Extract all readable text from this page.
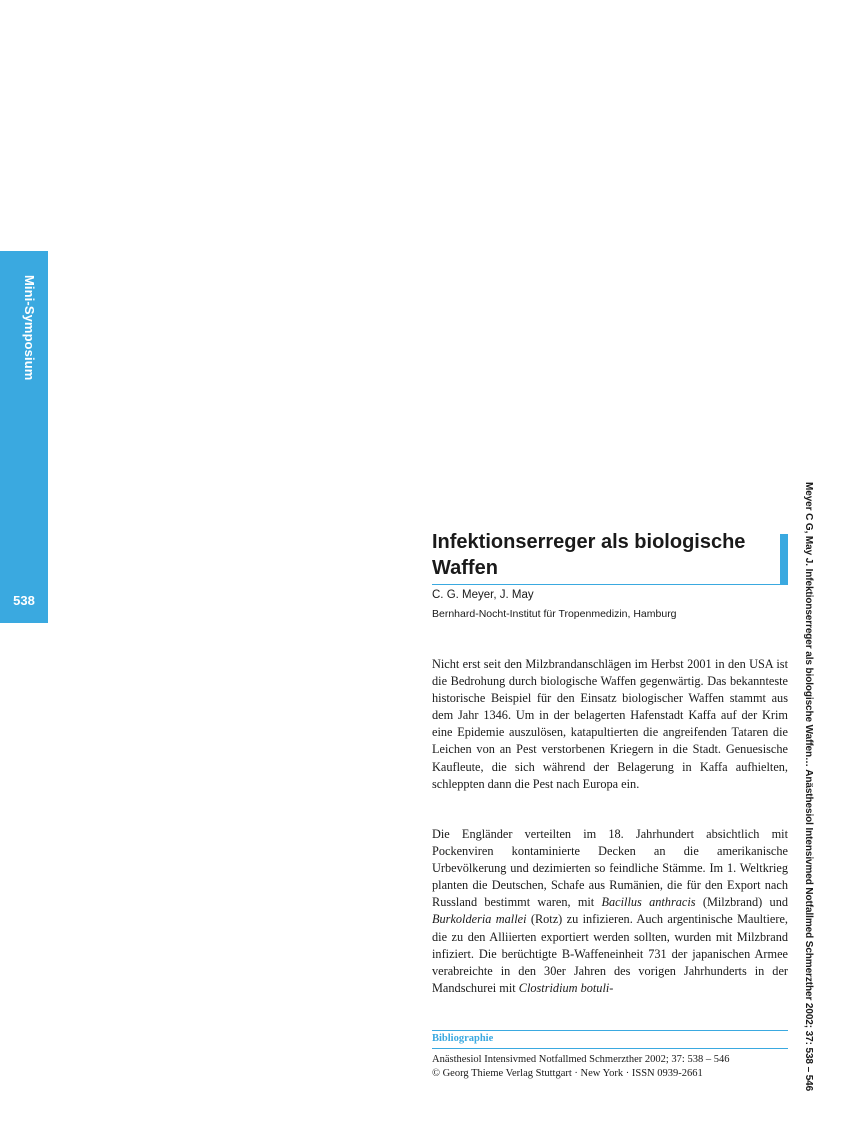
Mini-Symposium
538	Meyer C G, May J. Infektionserreger als biologische Waffen… Anästhesiol Intensivmed Notfallmed Schmerzther 2002; 37: 538 – 546
Infektionserreger als biologische Waffen
C. G. Meyer, J. May
Bernhard-Nocht-Institut für Tropenmedizin, Hamburg

Nicht erst seit den Milzbrandanschlägen im Herbst 2001 in den USA ist die Bedrohung durch biologische Waffen gegenwärtig. Das bekannteste historische Beispiel für den Einsatz biologischer Waffen stammt aus dem Jahr 1346. Um in der belagerten Hafenstadt Kaffa auf der Krim eine Epidemie auszulösen, katapultierten die angreifenden Tataren die Leichen von an Pest verstorbenen Kriegern in die Stadt. Genuesische Kaufleute, die sich während der Belagerung in Kaffa aufhielten, schleppten dann die Pest nach Europa ein.

Die Engländer verteilten im 18. Jahrhundert absichtlich mit Pockenviren kontaminierte Decken an die amerikanische Urbevölkerung und dezimierten so feindliche Stämme. Im 1. Weltkrieg planten die Deutschen, Schafe aus Rumänien, die für den Export nach Russland bestimmt waren, mit Bacillus anthracis (Milzbrand) und Burkolderia mallei (Rotz) zu infizieren. Auch argentinische Maultiere, die zu den Alliierten exportiert werden sollten, wurden mit Milzbrand infiziert. Die berüchtigte B-Waffeneinheit 731 der japanischen Armee verabreichte in den 30er Jahren des vorigen Jahrhunderts in der Mandschurei mit Clostridium botuli-

Bibliographie
Anästhesiol Intensivmed Notfallmed Schmerzther 2002; 37: 538 – 546
© Georg Thieme Verlag Stuttgart · New York · ISSN 0939-2661
